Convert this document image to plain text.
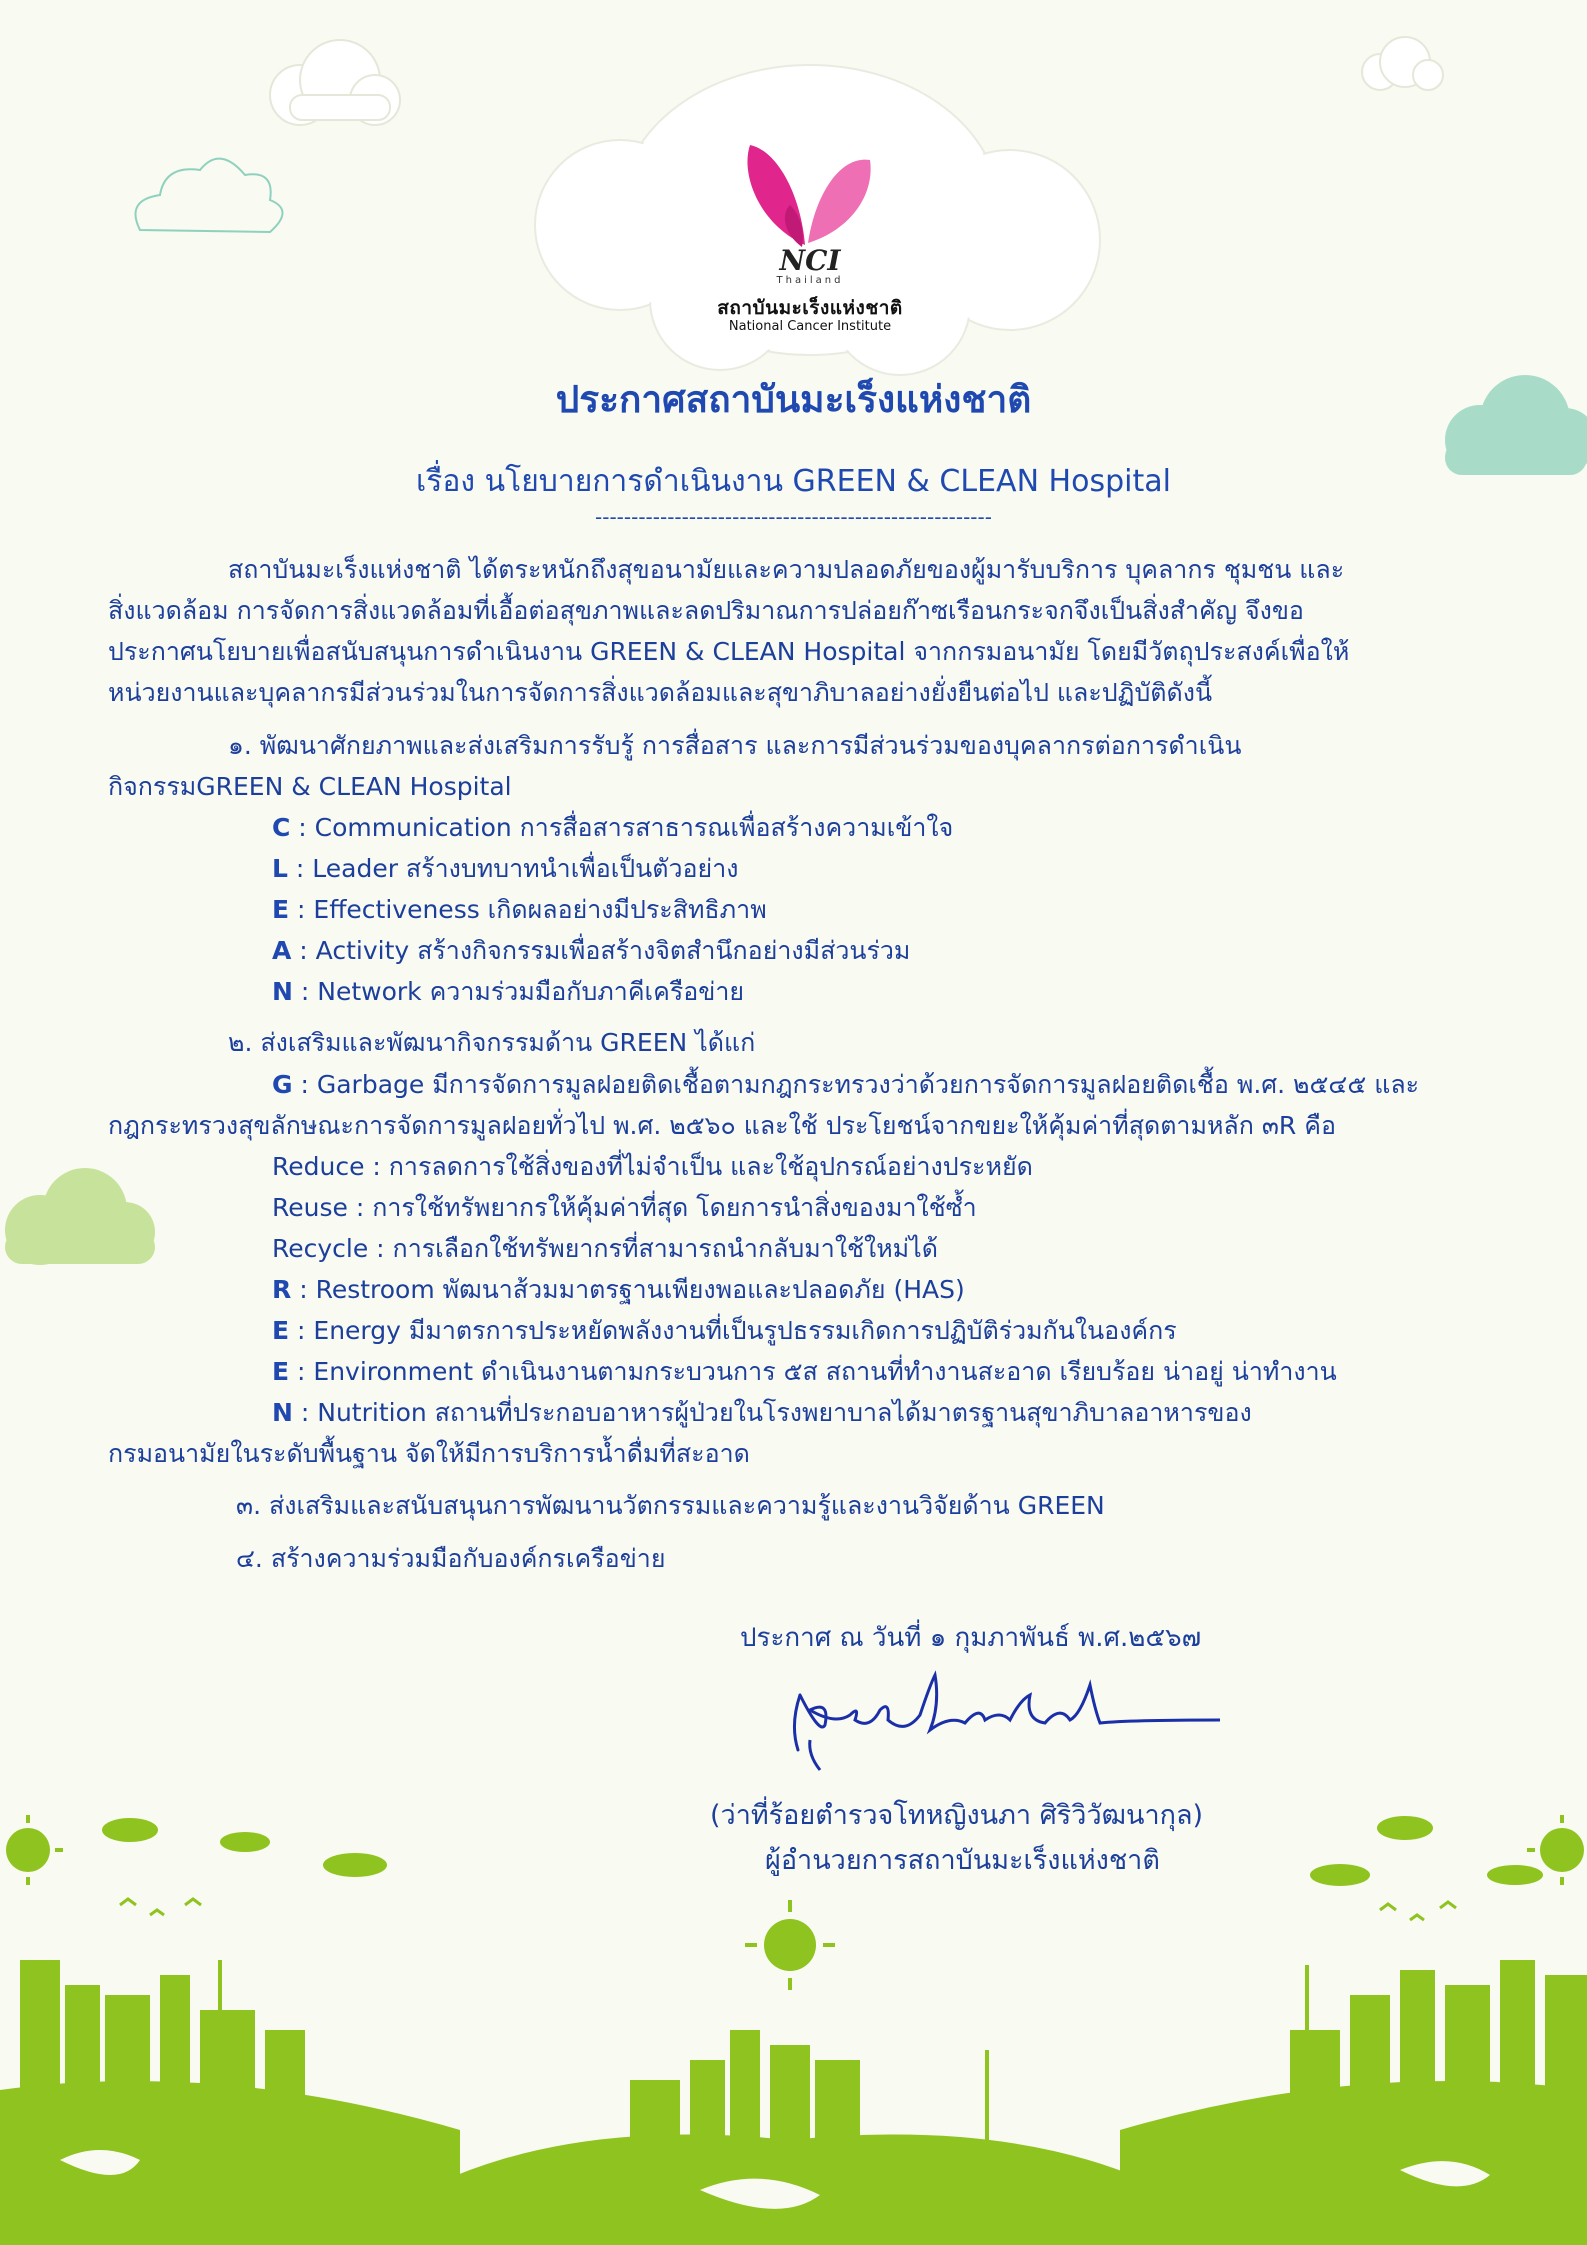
NCI
Thailand
สถาบันมะเร็งแห่งชาติ
National Cancer Institute
ประกาศสถาบันมะเร็งแห่งชาติ
เรื่อง นโยบายการดำเนินงาน GREEN & CLEAN Hospital
-------------------------------------------------------
สถาบันมะเร็งแห่งชาติ ได้ตระหนักถึงสุขอนามัยและความปลอดภัยของผู้มารับบริการ บุคลากร ชุมชน และ
สิ่งแวดล้อม การจัดการสิ่งแวดล้อมที่เอื้อต่อสุขภาพและลดปริมาณการปล่อยก๊าซเรือนกระจกจึงเป็นสิ่งสำคัญ จึงขอ
ประกาศนโยบายเพื่อสนับสนุนการดำเนินงาน GREEN & CLEAN Hospital จากกรมอนามัย โดยมีวัตถุประสงค์เพื่อให้
หน่วยงานและบุคลากรมีส่วนร่วมในการจัดการสิ่งแวดล้อมและสุขาภิบาลอย่างยั่งยืนต่อไป และปฏิบัติดังนี้
๑. พัฒนาศักยภาพและส่งเสริมการรับรู้ การสื่อสาร และการมีส่วนร่วมของบุคลากรต่อการดำเนิน
กิจกรรมGREEN & CLEAN Hospital
C : Communication การสื่อสารสาธารณเพื่อสร้างความเข้าใจ
L : Leader สร้างบทบาทนำเพื่อเป็นตัวอย่าง
E : Effectiveness เกิดผลอย่างมีประสิทธิภาพ
A : Activity สร้างกิจกรรมเพื่อสร้างจิตสำนึกอย่างมีส่วนร่วม
N : Network ความร่วมมือกับภาคีเครือข่าย
๒. ส่งเสริมและพัฒนากิจกรรมด้าน GREEN ได้แก่
G : Garbage มีการจัดการมูลฝอยติดเชื้อตามกฎกระทรวงว่าด้วยการจัดการมูลฝอยติดเชื้อ พ.ศ. ๒๕๔๕ และ
กฎกระทรวงสุขลักษณะการจัดการมูลฝอยทั่วไป พ.ศ. ๒๕๖๐ และใช้ ประโยชน์จากขยะให้คุ้มค่าที่สุดตามหลัก ๓R คือ
Reduce : การลดการใช้สิ่งของที่ไม่จำเป็น และใช้อุปกรณ์อย่างประหยัด
Reuse : การใช้ทรัพยากรให้คุ้มค่าที่สุด โดยการนำสิ่งของมาใช้ซ้ำ
Recycle : การเลือกใช้ทรัพยากรที่สามารถนำกลับมาใช้ใหม่ได้
R : Restroom พัฒนาส้วมมาตรฐานเพียงพอและปลอดภัย (HAS)
E : Energy มีมาตรการประหยัดพลังงานที่เป็นรูปธรรมเกิดการปฏิบัติร่วมกันในองค์กร
E : Environment ดำเนินงานตามกระบวนการ ๕ส สถานที่ทำงานสะอาด เรียบร้อย น่าอยู่ น่าทำงาน
N : Nutrition สถานที่ประกอบอาหารผู้ป่วยในโรงพยาบาลได้มาตรฐานสุขาภิบาลอาหารของ
กรมอนามัยในระดับพื้นฐาน จัดให้มีการบริการน้ำดื่มที่สะอาด
๓. ส่งเสริมและสนับสนุนการพัฒนานวัตกรรมและความรู้และงานวิจัยด้าน GREEN
๔. สร้างความร่วมมือกับองค์กรเครือข่าย
ประกาศ ณ วันที่ ๑ กุมภาพันธ์ พ.ศ.๒๕๖๗
(ว่าที่ร้อยตำรวจโทหญิงนภา ศิริวิวัฒนากุล)
ผู้อำนวยการสถาบันมะเร็งแห่งชาติ
